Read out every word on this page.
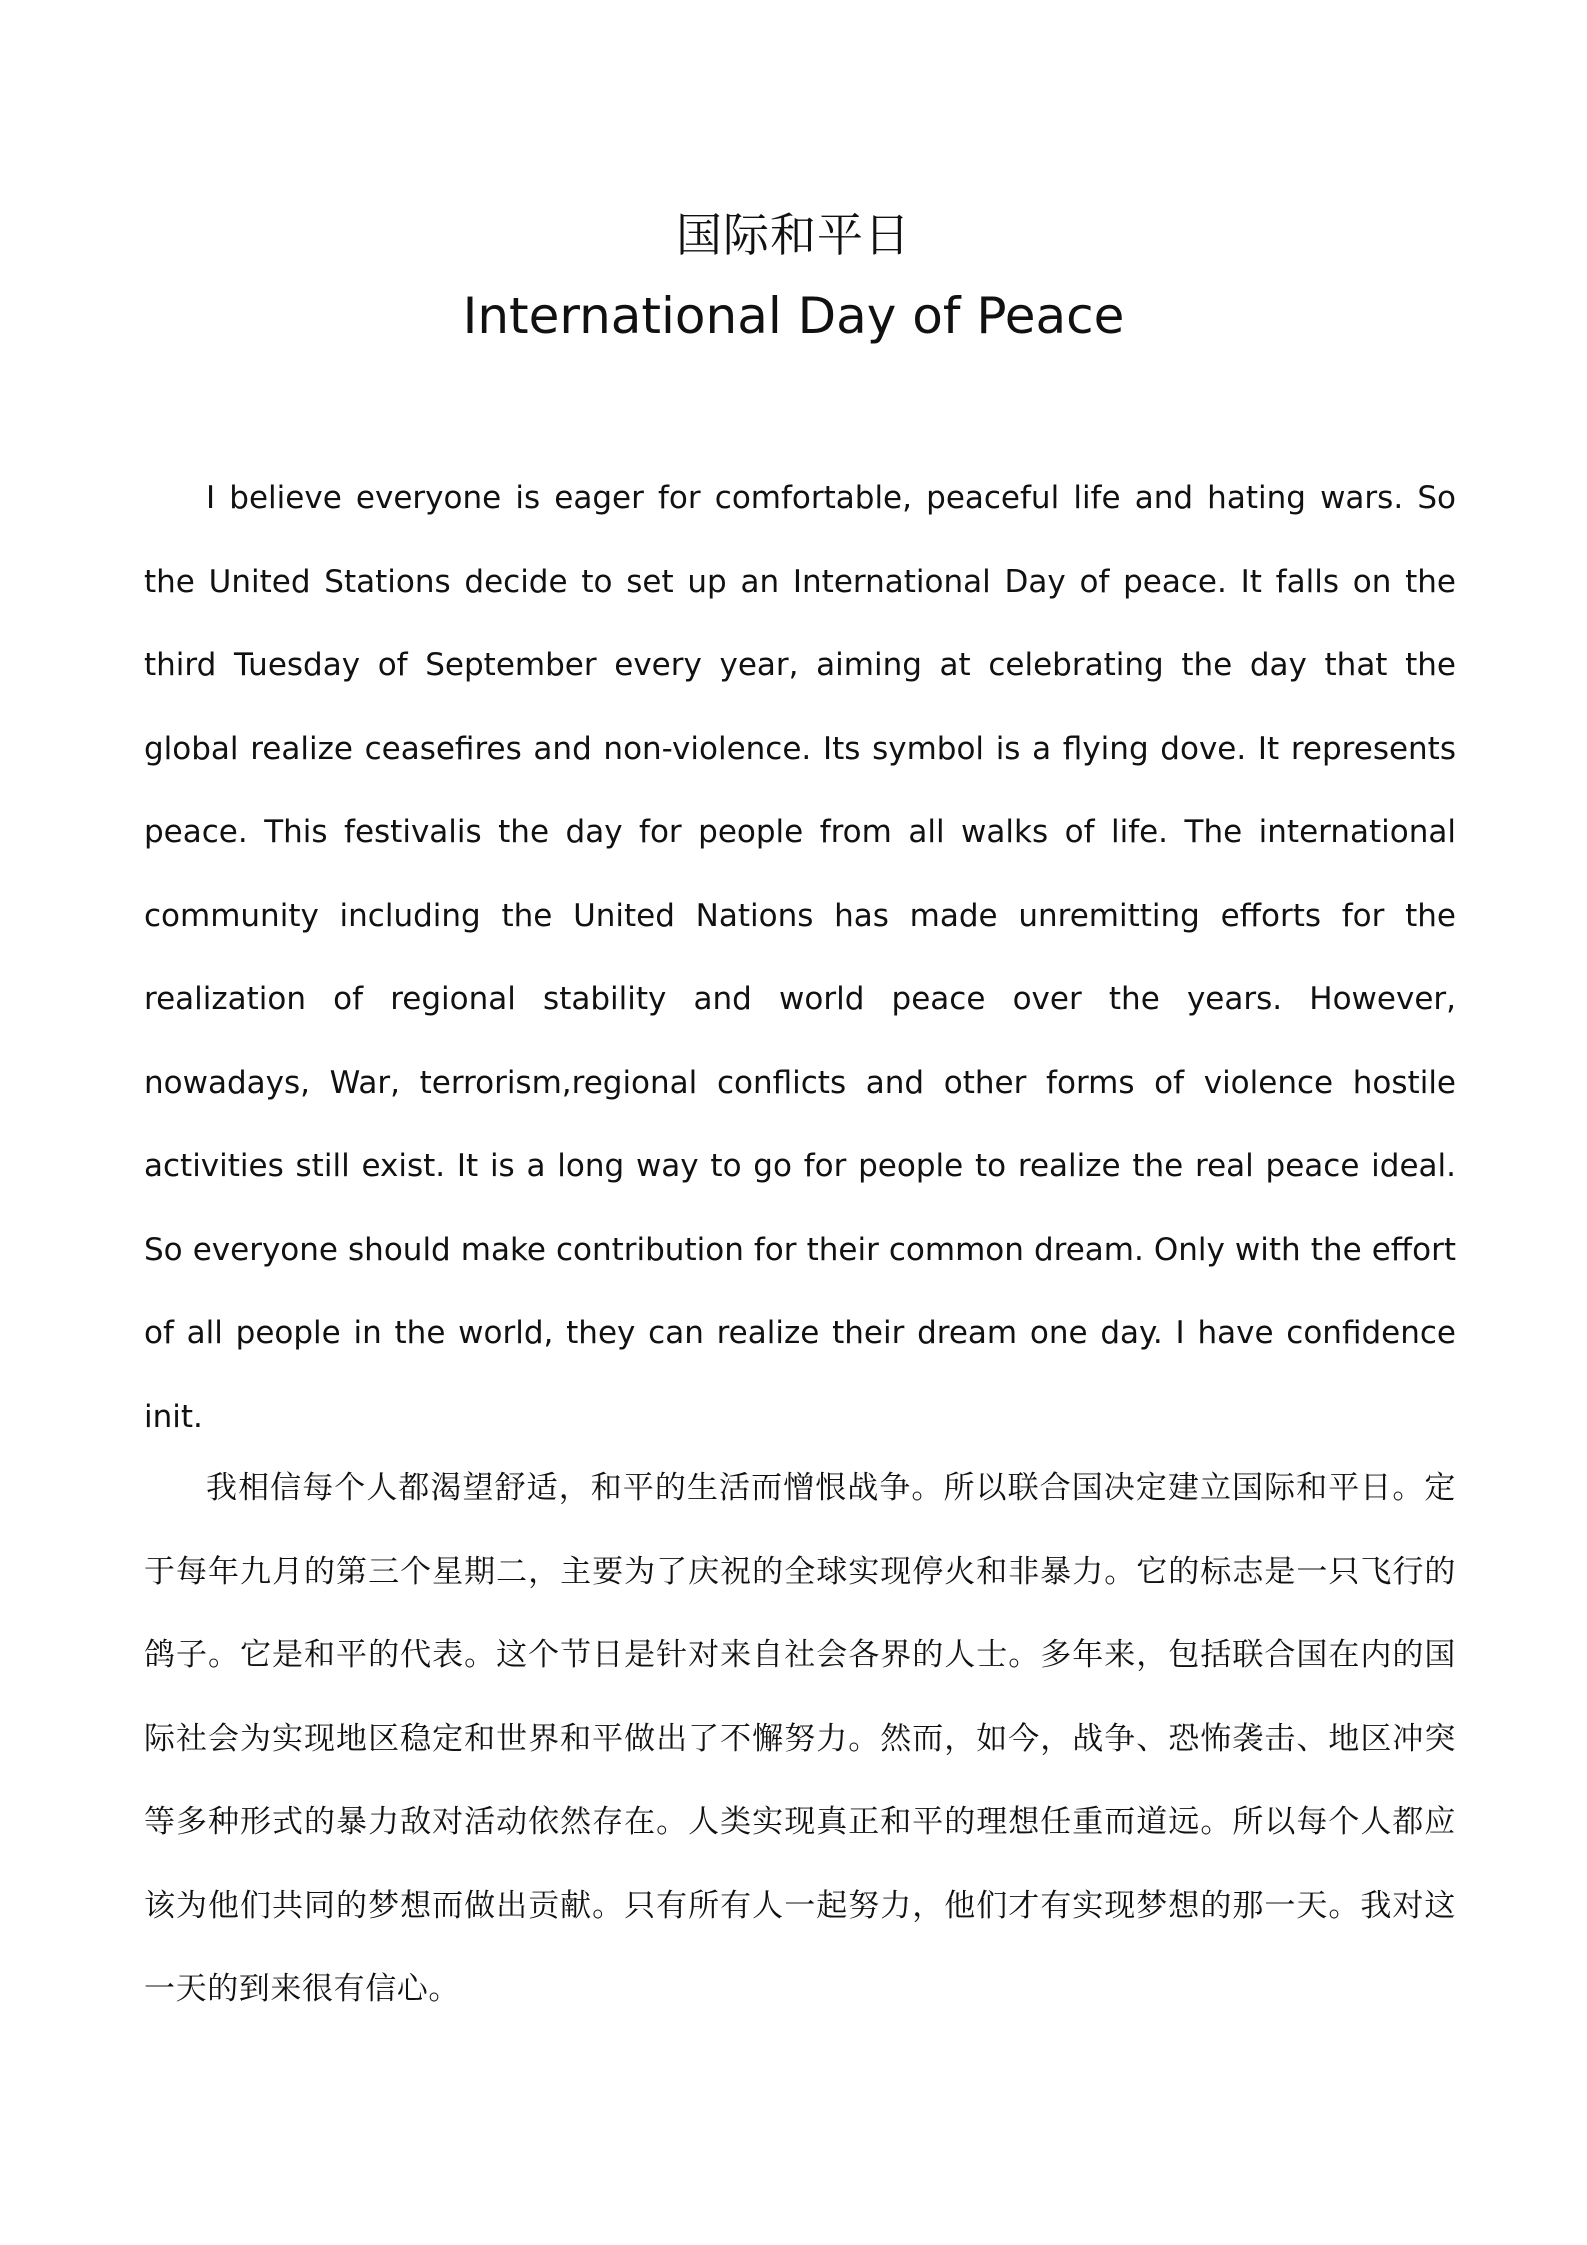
国际和平日
International Day of Peace

I believe everyone is eager for comfortable, peaceful life and hating wars. So the United Stations decide to set up an International Day of peace. It falls on the third Tuesday of September every year, aiming at celebrating the day that the global realize ceasefires and non-violence. Its symbol is a flying dove. It represents peace. This festivalis the day for people from all walks of life. The international community including the United Nations has made unremitting efforts for the realization of regional stability and world peace over the years. However, nowadays, War, terrorism,regional conflicts and other forms of violence hostile activities still exist. It is a long way to go for people to realize the real peace ideal. So everyone should make contribution for their common dream. Only with the effort of all people in the world, they can realize their dream one day. I have confidence init.

我相信每个人都渴望舒适，和平的生活而憎恨战争。所以联合国决定建立国际和平日。定于每年九月的第三个星期二，主要为了庆祝的全球实现停火和非暴力。它的标志是一只飞行的鸽子。它是和平的代表。这个节日是针对来自社会各界的人士。多年来，包括联合国在内的国际社会为实现地区稳定和世界和平做出了不懈努力。然而，如今，战争、恐怖袭击、地区冲突等多种形式的暴力敌对活动依然存在。人类实现真正和平的理想任重而道远。所以每个人都应该为他们共同的梦想而做出贡献。只有所有人一起努力，他们才有实现梦想的那一天。我对这一天的到来很有信心。
